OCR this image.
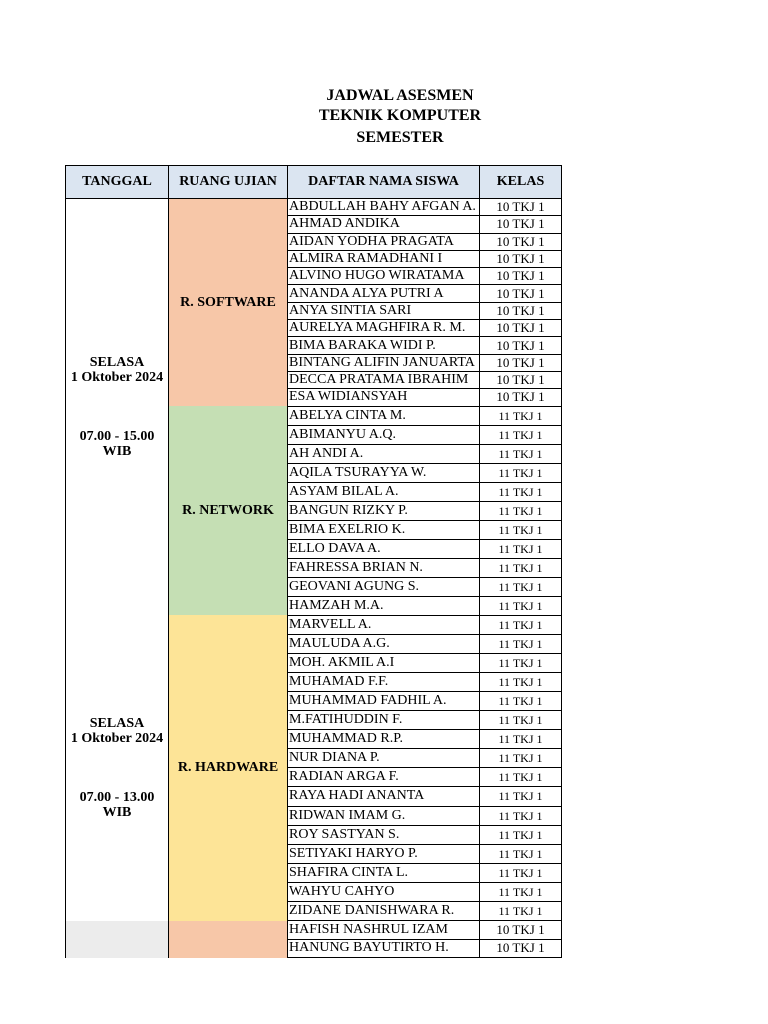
JADWAL ASESMEN
TEKNIK KOMPUTER
SEMESTER
TANGGAL	RUANG UJIAN	DAFTAR NAMA SISWA	KELAS

SELASA
1 Oktober 2024
07.00 - 15.00
WIB	R. SOFTWARE	ABDULLAH BAHY AFGAN A.	10 TKJ 1
		AHMAD ANDIKA	10 TKJ 1
		AIDAN YODHA PRAGATA	10 TKJ 1
		ALMIRA RAMADHANI I	10 TKJ 1
		ALVINO HUGO WIRATAMA	10 TKJ 1
		ANANDA ALYA PUTRI A	10 TKJ 1
		ANYA SINTIA SARI	10 TKJ 1
		AURELYA MAGHFIRA R. M.	10 TKJ 1
		BIMA BARAKA WIDI P.	10 TKJ 1
		BINTANG ALIFIN JANUARTA	10 TKJ 1
		DECCA PRATAMA IBRAHIM	10 TKJ 1
		ESA WIDIANSYAH	10 TKJ 1
	R. NETWORK	ABELYA CINTA M.	11 TKJ 1
		ABIMANYU A.Q.	11 TKJ 1
		AH ANDI A.	11 TKJ 1
		AQILA TSURAYYA W.	11 TKJ 1
		ASYAM BILAL A.	11 TKJ 1
		BANGUN RIZKY P.	11 TKJ 1
		BIMA EXELRIO K.	11 TKJ 1
		ELLO DAVA A.	11 TKJ 1
		FAHRESSA BRIAN N.	11 TKJ 1
		GEOVANI AGUNG S.	11 TKJ 1
		HAMZAH M.A.	11 TKJ 1

SELASA
1 Oktober 2024
07.00 - 13.00
WIB	R. HARDWARE	MARVELL A.	11 TKJ 1
		MAULUDA A.G.	11 TKJ 1
		MOH. AKMIL A.I	11 TKJ 1
		MUHAMAD F.F.	11 TKJ 1
		MUHAMMAD FADHIL A.	11 TKJ 1
		M.FATIHUDDIN F.	11 TKJ 1
		MUHAMMAD R.P.	11 TKJ 1
		NUR DIANA P.	11 TKJ 1
		RADIAN ARGA F.	11 TKJ 1
		RAYA HADI ANANTA	11 TKJ 1
		RIDWAN IMAM G.	11 TKJ 1
		ROY SASTYAN S.	11 TKJ 1
		SETIYAKI HARYO P.	11 TKJ 1
		SHAFIRA CINTA L.	11 TKJ 1
		WAHYU CAHYO	11 TKJ 1
		ZIDANE DANISHWARA R.	11 TKJ 1
		HAFISH NASHRUL IZAM	10 TKJ 1
		HANUNG BAYUTIRTO H.	10 TKJ 1
